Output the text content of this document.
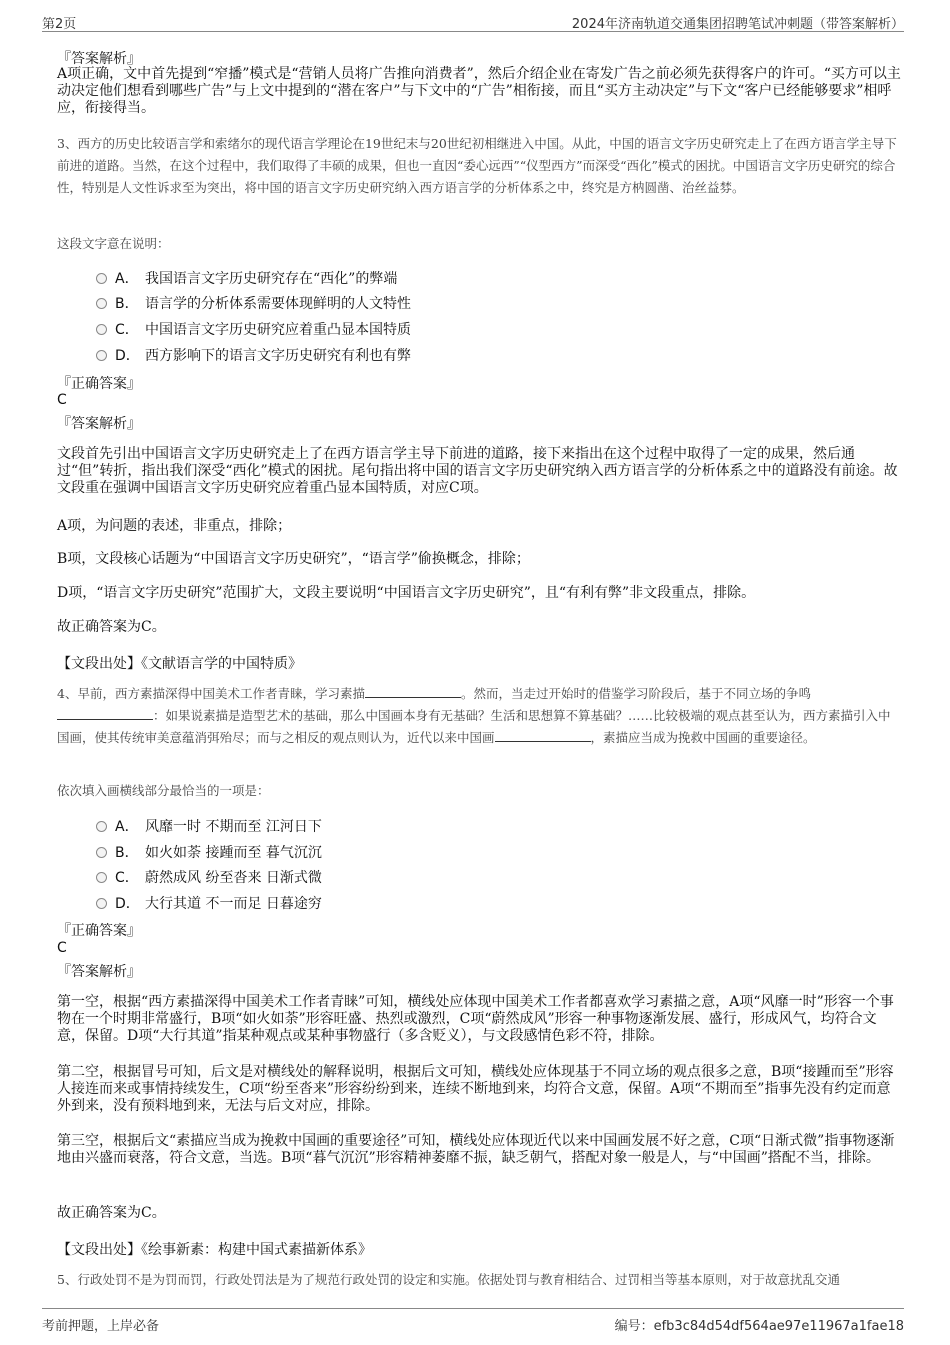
第2页	2024年济南轨道交通集团招聘笔试冲刺题（带答案解析）
『答案解析』
A项正确，文中首先提到“窄播”模式是“营销人员将广告推向消费者”，然后介绍企业在寄发广告之前必须先获得客户的许可。“买方可以主动决定他们想看到哪些广告”与上文中提到的“潜在客户”与下文中的“广告”相衔接，而且“买方主动决定”与下文“客户已经能够要求”相呼应，衔接得当。
3、西方的历史比较语言学和索绪尔的现代语言学理论在19世纪末与20世纪初相继进入中国。从此，中国的语言文字历史研究走上了在西方语言学主导下前进的道路。当然，在这个过程中，我们取得了丰硕的成果，但也一直因“委心远西”“仪型西方”而深受“西化”模式的困扰。中国语言文字历史研究的综合性，特别是人文性诉求至为突出，将中国的语言文字历史研究纳入西方语言学的分析体系之中，终究是方枘圆凿、治丝益棼。
这段文字意在说明：
A． 我国语言文字历史研究存在“西化”的弊端
B． 语言学的分析体系需要体现鲜明的人文特性
C． 中国语言文字历史研究应着重凸显本国特质
D． 西方影响下的语言文字历史研究有利也有弊
『正确答案』
C
『答案解析』
文段首先引出中国语言文字历史研究走上了在西方语言学主导下前进的道路，接下来指出在这个过程中取得了一定的成果，然后通过“但”转折，指出我们深受“西化”模式的困扰。尾句指出将中国的语言文字历史研究纳入西方语言学的分析体系之中的道路没有前途。故文段重在强调中国语言文字历史研究应着重凸显本国特质，对应C项。
A项，为问题的表述，非重点，排除；
B项，文段核心话题为“中国语言文字历史研究”，“语言学”偷换概念，排除；
D项，“语言文字历史研究”范围扩大，文段主要说明“中国语言文字历史研究”，且“有利有弊”非文段重点，排除。
故正确答案为C。
【文段出处】《文献语言学的中国特质》
4、早前，西方素描深得中国美术工作者青睐，学习素描	。然而，当走过开始时的借鉴学习阶段后，基于不同立场的争鸣：如果说素描是造型艺术的基础，那么中国画本身有无基础？生活和思想算不算基础？……比较极端的观点甚至认为，西方素描引入中国画，使其传统审美意蕴消弭殆尽；而与之相反的观点则认为，近代以来中国画	，素描应当成为挽救中国画的重要途径。
依次填入画横线部分最恰当的一项是：
A． 风靡一时 不期而至 江河日下
B． 如火如荼 接踵而至 暮气沉沉
C． 蔚然成风 纷至沓来 日渐式微
D． 大行其道 不一而足 日暮途穷
『正确答案』
C
『答案解析』
第一空，根据“西方素描深得中国美术工作者青睐”可知，横线处应体现中国美术工作者都喜欢学习素描之意，A项“风靡一时”形容一个事物在一个时期非常盛行，B项“如火如荼”形容旺盛、热烈或激烈，C项“蔚然成风”形容一种事物逐渐发展、盛行，形成风气，均符合文意，保留。D项“大行其道”指某种观点或某种事物盛行（多含贬义），与文段感情色彩不符，排除。
第二空，根据冒号可知，后文是对横线处的解释说明，根据后文可知，横线处应体现基于不同立场的观点很多之意，B项“接踵而至”形容人接连而来或事情持续发生，C项“纷至沓来”形容纷纷到来，连续不断地到来，均符合文意，保留。A项“不期而至”指事先没有约定而意外到来，没有预料地到来，无法与后文对应，排除。
第三空，根据后文“素描应当成为挽救中国画的重要途径”可知，横线处应体现近代以来中国画发展不好之意，C项“日渐式微”指事物逐渐地由兴盛而衰落，符合文意，当选。B项“暮气沉沉”形容精神萎靡不振，缺乏朝气，搭配对象一般是人，与“中国画”搭配不当，排除。
故正确答案为C。
【文段出处】《绘事新素：构建中国式素描新体系》
5、行政处罚不是为罚而罚，行政处罚法是为了规范行政处罚的设定和实施。依据处罚与教育相结合、过罚相当等基本原则，对于故意扰乱交通
考前押题，上岸必备	编号：efb3c84d54df564ae97e11967a1fae18
